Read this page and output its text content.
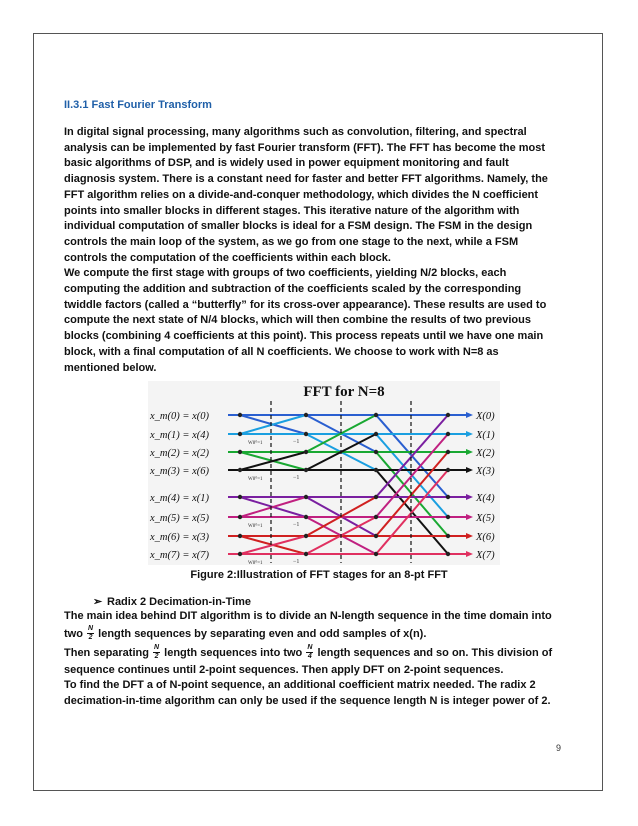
II.3.1 Fast Fourier Transform

In digital signal processing, many algorithms such as convolution, filtering, and spectral

analysis can be implemented by fast Fourier transform (FFT). The FFT has become the most

basic algorithms of DSP, and is widely used in power equipment monitoring and fault

diagnosis system. There is a constant need for faster and better FFT algorithms. Namely, the

FFT algorithm relies on a divide-and-conquer methodology, which divides the N coefficient

points into smaller blocks in different stages. This iterative nature of the algorithm with

individual computation of smaller blocks is ideal for a FSM design. The FSM in the design

controls the main loop of the system, as we go from one stage to the next, while a FSM

controls the computation of the coefficients within each block.

We compute the first stage with groups of two coefficients, yielding N/2 blocks, each

computing the addition and subtraction of the coefficients scaled by the corresponding

twiddle factors (called a “butterfly” for its cross-over appearance). These results are used to

compute the next state of N/4 blocks, which will then combine the results of two previous

blocks (combining 4 coefficients at this point). This process repeats until we have one main

block, with a final computation of all N coefficients. We choose to work with N=8 as

mentioned below.

FFT for N=8
x_m(0) = x(0)
x_m(1) = x(4)
x_m(2) = x(2)
x_m(3) = x(6)
x_m(4) = x(1)
x_m(5) = x(5)
x_m(6) = x(3)
x_m(7) = x(7)
X(0)
X(1)
X(2)
X(3)
X(4)
X(5)
X(6)
X(7)
W8⁰=1	−1
W8⁰=1	−1
W8⁰=1	−1
W8⁰=1	−1
Figure 2:Illustration of FFT stages for an 8-pt FFT
➢ Radix 2 Decimation-in-Time
The main idea behind DIT algorithm is to divide an N-length sequence in the time domain into
two $\frac{N}{2}$ length sequences by separating even and odd samples of x(n).
Then separating $\frac{N}{2}$ length sequences into two $\frac{N}{4}$ length sequences and so on. This division of
sequence continues until 2-point sequences. Then apply DFT on 2-point sequences.
To find the DFT a of N-point sequence, an additional coefficient matrix needed. The radix 2
decimation-in-time algorithm can only be used if the sequence length N is integer power of 2.
9
